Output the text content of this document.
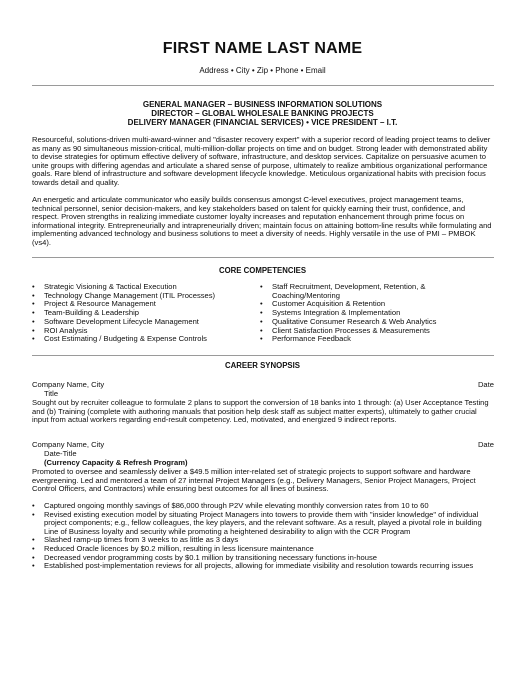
FIRST NAME LAST NAME
Address • City • Zip • Phone • Email
GENERAL MANAGER – BUSINESS INFORMATION SOLUTIONS
DIRECTOR – GLOBAL WHOLESALE BANKING PROJECTS
DELIVERY MANAGER (FINANCIAL SERVICES) • VICE PRESIDENT – I.T.

Resourceful, solutions-driven multi-award-winner and "disaster recovery expert" with a superior record of leading project teams to deliver as many as 90 simultaneous mission-critical, multi-million-dollar projects on time and on budget. Strong leader with demonstrated ability to devise strategies for optimum effective delivery of software, infrastructure, and desktop services. Capitalize on persuasive acumen to unite groups with differing agendas and articulate a shared sense of purpose, ultimately to realize ambitious organizational performance goals. Rare blend of infrastructure and software development lifecycle knowledge. Meticulous organizational habits with precision focus towards detail and quality.

An energetic and articulate communicator who easily builds consensus amongst C-level executives, project management teams, technical personnel, senior decision-makers, and key stakeholders based on talent for quickly earning their trust, confidence, and respect. Proven strengths in realizing immediate customer loyalty increases and reputation enhancement through prime focus on informational integrity. Entrepreneurially and intrapreneurially driven; maintain focus on attaining bottom-line results while formulating and implementing advanced technology and business solutions to meet a diversity of needs. Highly versatile in the use of PMI – PMBOK (vs4).

CORE COMPETENCIES
• Strategic Visioning & Tactical Execution
• Technology Change Management (ITIL Processes)
• Project & Resource Management
• Team-Building & Leadership
• Software Development Lifecycle Management
• ROI Analysis
• Cost Estimating / Budgeting & Expense Controls
• Staff Recruitment, Development, Retention, & Coaching/Mentoring
• Customer Acquisition & Retention
• Systems Integration & Implementation
• Qualitative Consumer Research & Web Analytics
• Client Satisfaction Processes & Measurements
• Performance Feedback
CAREER SYNOPSIS
Company Name, City	Date
Title

Sought out by recruiter colleague to formulate 2 plans to support the conversion of 18 banks into 1 through: (a) User Acceptance Testing and (b) Training (complete with authoring manuals that position help desk staff as subject matter experts), ultimately to gather crucial input from actual workers regarding end-result competency. Led, motivated, and energized 9 indirect reports.

Company Name, City	Date
Date-Title
(Currency Capacity & Refresh Program)

Promoted to oversee and seamlessly deliver a $49.5 million inter-related set of strategic projects to support software and hardware evergreening. Led and mentored a team of 27 internal Project Managers (e.g., Delivery Managers, Senior Project Managers, Project Control Officers, and Contractors) while ensuring best outcomes for all lines of business.

• Captured ongoing monthly savings of $86,000 through P2V while elevating monthly conversion rates from 10 to 60
• Revised existing execution model by situating Project Managers into towers to provide them with "insider knowledge" of individual project components; e.g., fellow colleagues, the key players, and the relevant software. As a result, played a pivotal role in building Line of Business loyalty and security while promoting a heightened desirability to align with the CCR Program
• Slashed ramp-up times from 3 weeks to as little as 3 days
• Reduced Oracle licences by $0.2 million, resulting in less licensure maintenance
• Decreased vendor programming costs by $0.1 million by transitioning necessary functions in-house
• Established post-implementation reviews for all projects, allowing for immediate visibility and resolution towards recurring issues
